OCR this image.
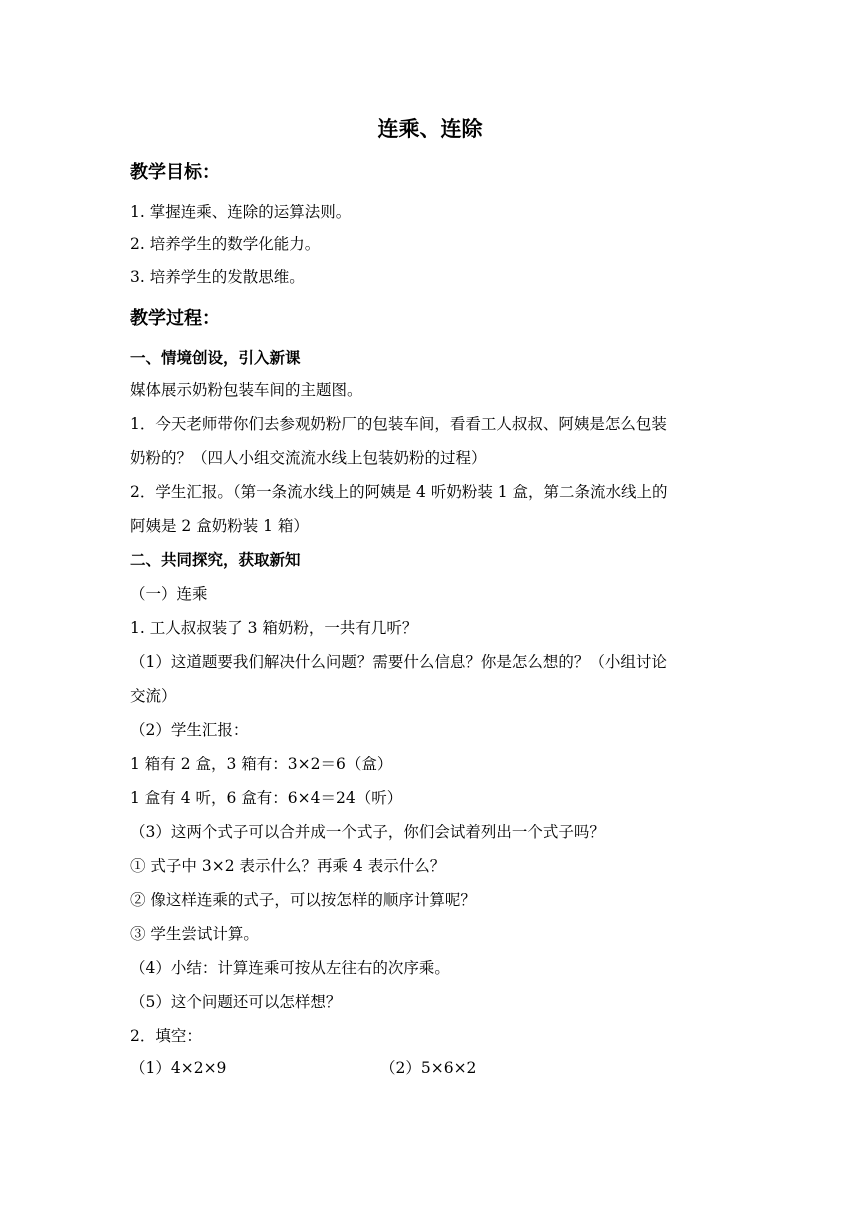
连乘、连除
教学目标：
1. 掌握连乘、连除的运算法则。
2. 培养学生的数学化能力。
3. 培养学生的发散思维。
教学过程：
一、情境创设，引入新课
媒体展示奶粉包装车间的主题图。
1．今天老师带你们去参观奶粉厂的包装车间，看看工人叔叔、阿姨是怎么包装
奶粉的？（四人小组交流流水线上包装奶粉的过程）
2．学生汇报。（第一条流水线上的阿姨是 4 听奶粉装 1 盒，第二条流水线上的
阿姨是 2 盒奶粉装 1 箱）
二、共同探究，获取新知
（一）连乘
1. 工人叔叔装了 3 箱奶粉，一共有几听？
（1）这道题要我们解决什么问题？需要什么信息？你是怎么想的？（小组讨论
交流）
（2）学生汇报：
1 箱有 2 盒，3 箱有：3×2＝6（盒）
1 盒有 4 听，6 盒有：6×4＝24（听）
（3）这两个式子可以合并成一个式子，你们会试着列出一个式子吗？
① 式子中 3×2 表示什么？再乘 4 表示什么？
② 像这样连乘的式子，可以按怎样的顺序计算呢？
③ 学生尝试计算。
（4）小结：计算连乘可按从左往右的次序乘。
（5）这个问题还可以怎样想？
2．填空：
（1）4×2×9	（2）5×6×2
